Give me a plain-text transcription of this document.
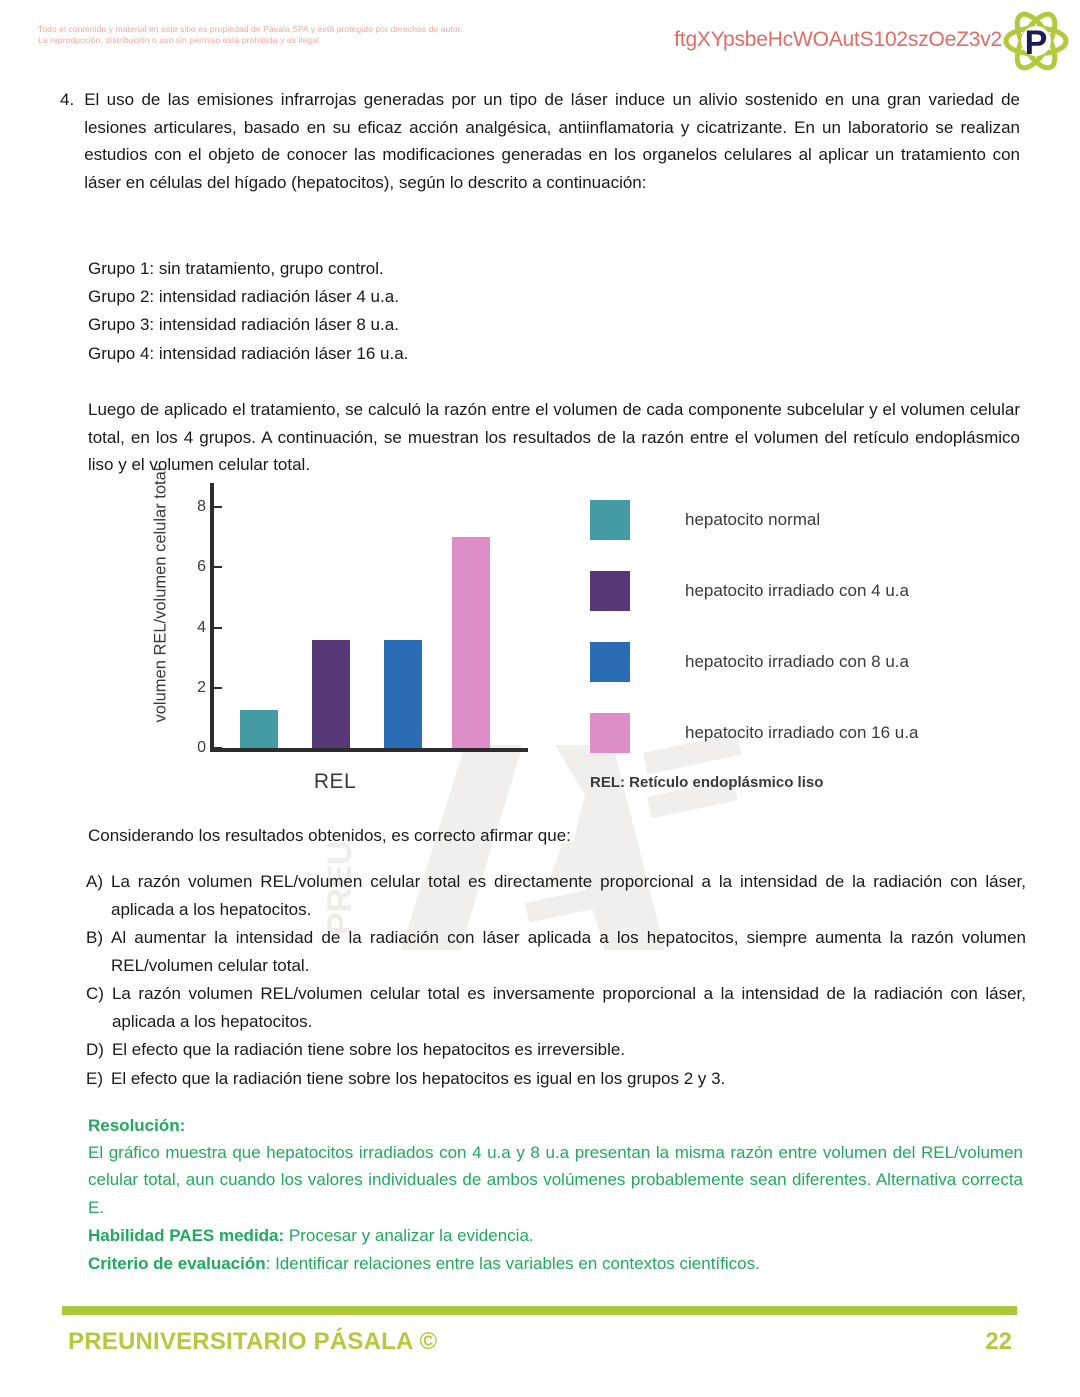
PREU
Todo el contenido y material en este sitio es propiedad de Pásala SPA y está protegido por derechos de autor.
La reproducción, distribución o uso sin permiso está prohibida y es ilegal	ftgXYpsbeHcWOAutS102szOeZ3v2 P
4. El uso de las emisiones infrarrojas generadas por un tipo de láser induce un alivio sostenido en una gran variedad de lesiones articulares, basado en su eficaz acción analgésica, antiinflamatoria y cicatrizante. En un laboratorio se realizan estudios con el objeto de conocer las modificaciones generadas en los organelos celulares al aplicar un tratamiento con láser en células del hígado (hepatocitos), según lo descrito a continuación:
Grupo 1: sin tratamiento, grupo control.
Grupo 2: intensidad radiación láser 4 u.a.
Grupo 3: intensidad radiación láser 8 u.a.
Grupo 4: intensidad radiación láser 16 u.a.
Luego de aplicado el tratamiento, se calculó la razón entre el volumen de cada componente subcelular y el volumen celular total, en los 4 grupos. A continuación, se muestran los resultados de la razón entre el volumen del retículo endoplásmico liso y el volumen celular total.
volumen REL/volumen celular total
0
2
4
6
8
REL
hepatocito normal
hepatocito irradiado con 4 u.a
hepatocito irradiado con 8 u.a
hepatocito irradiado con 16 u.a
REL: Retículo endoplásmico liso
Considerando los resultados obtenidos, es correcto afirmar que:
A) La razón volumen REL/volumen celular total es directamente proporcional a la intensidad de la radiación con láser, aplicada a los hepatocitos.
B) Al aumentar la intensidad de la radiación con láser aplicada a los hepatocitos, siempre aumenta la razón volumen REL/volumen celular total.
C) La razón volumen REL/volumen celular total es inversamente proporcional a la intensidad de la radiación con láser, aplicada a los hepatocitos.
D) El efecto que la radiación tiene sobre los hepatocitos es irreversible.
E) El efecto que la radiación tiene sobre los hepatocitos es igual en los grupos 2 y 3.
Resolución:
El gráfico muestra que hepatocitos irradiados con 4 u.a y 8 u.a presentan la misma razón entre volumen del REL/volumen celular total, aun cuando los valores individuales de ambos volúmenes probablemente sean diferentes. Alternativa correcta E.
Habilidad PAES medida: Procesar y analizar la evidencia.
Criterio de evaluación: Identificar relaciones entre las variables en contextos científicos.
PREUNIVERSITARIO PÁSALA ©	22
